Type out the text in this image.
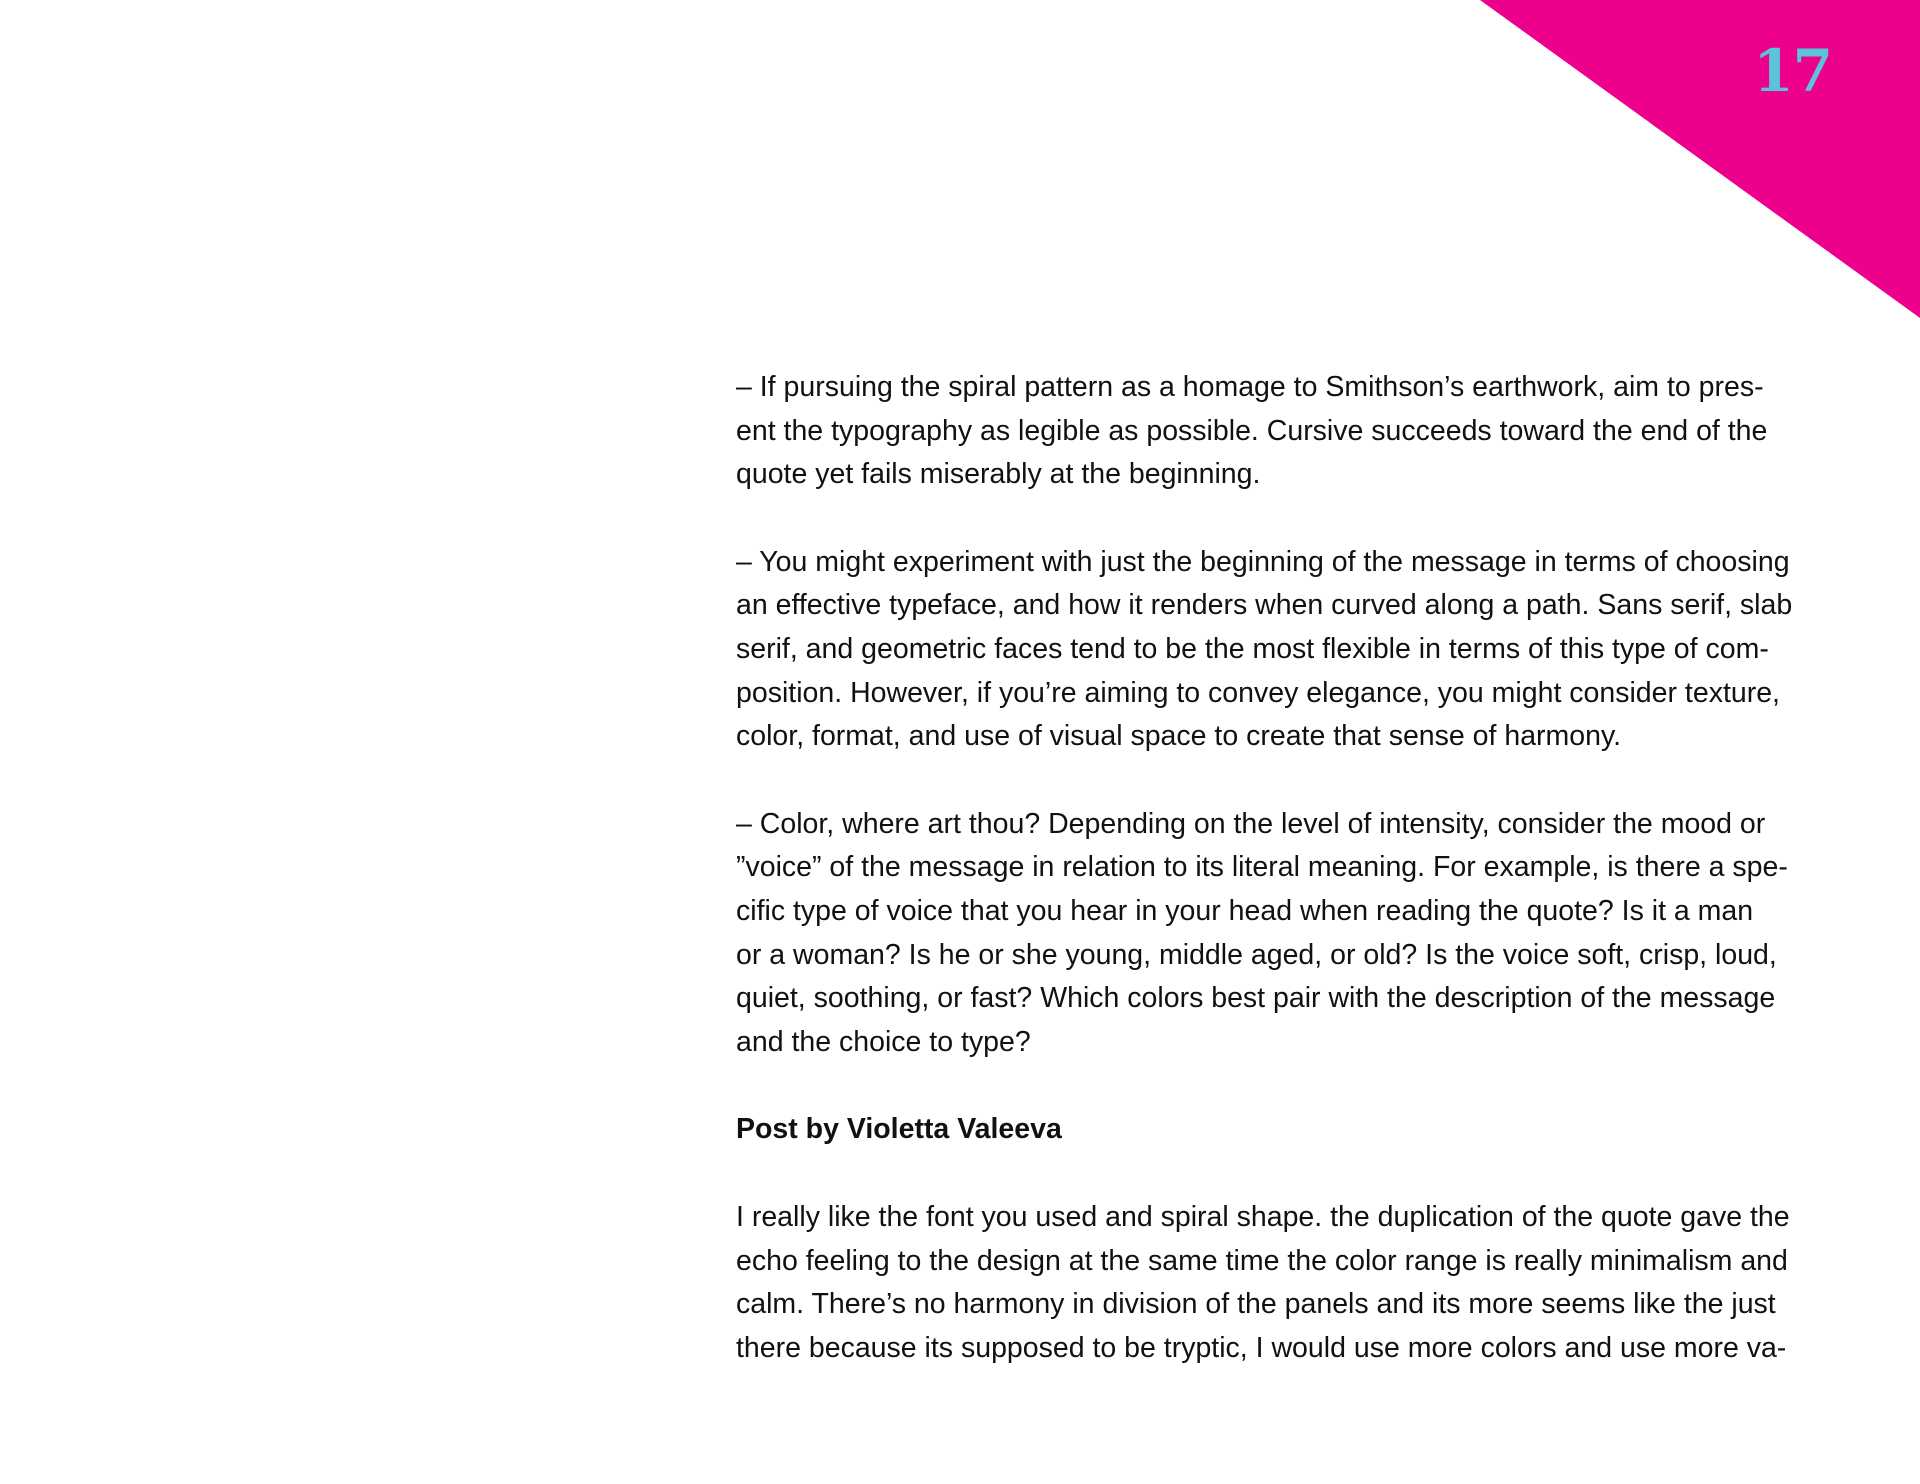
17

– If pursuing the spiral pattern as a homage to Smithson’s earthwork, aim to pres-
ent the typography as legible as possible. Cursive succeeds toward the end of the
quote yet fails miserably at the beginning.

– You might experiment with just the beginning of the message in terms of choosing
an effective typeface, and how it renders when curved along a path. Sans serif, slab
serif, and geometric faces tend to be the most flexible in terms of this type of com-
position. However, if you’re aiming to convey elegance, you might consider texture,
color, format, and use of visual space to create that sense of harmony.

– Color, where art thou? Depending on the level of intensity, consider the mood or
”voice” of the message in relation to its literal meaning. For example, is there a spe-
cific type of voice that you hear in your head when reading the quote? Is it a man
or a woman? Is he or she young, middle aged, or old? Is the voice soft, crisp, loud,
quiet, soothing, or fast? Which colors best pair with the description of the message
and the choice to type?

Post by Violetta Valeeva

I really like the font you used and spiral shape. the duplication of the quote gave the
echo feeling to the design at the same time the color range is really minimalism and
calm. There’s no harmony in division of the panels and its more seems like the just
there because its supposed to be tryptic, I would use more colors and use more va-
